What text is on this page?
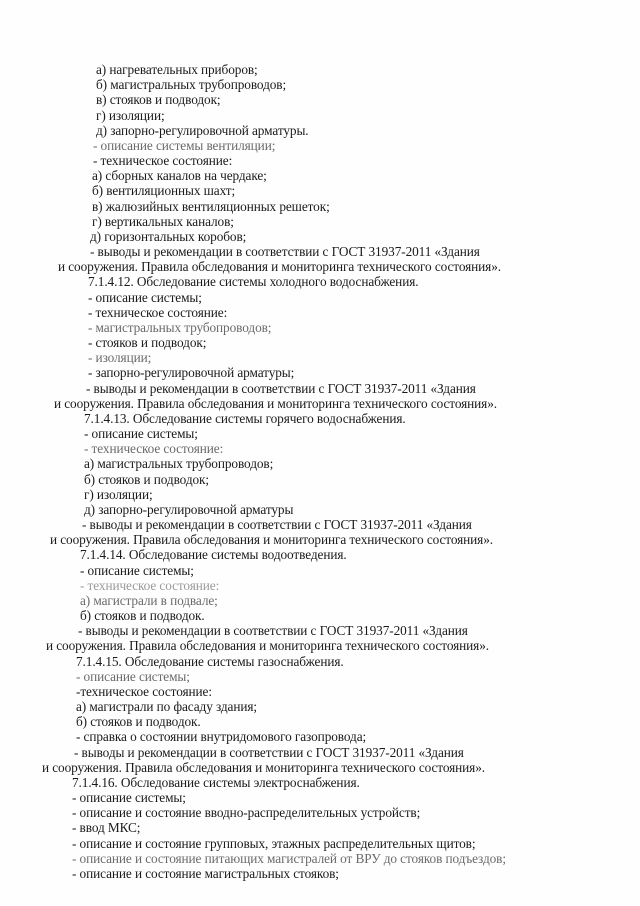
а) нагревательных приборов;
б) магистральных трубопроводов;
в) стояков и подводок;
г) изоляции;
д) запорно-регулировочной арматуры.
- описание системы вентиляции;
- техническое состояние:
а) сборных каналов на чердаке;
б) вентиляционных шахт;
в) жалюзийных вентиляционных решеток;
г) вертикальных каналов;
д) горизонтальных коробов;
- выводы и рекомендации в соответствии с ГОСТ 31937-2011 «Здания
и сооружения. Правила обследования и мониторинга технического состояния».
7.1.4.12. Обследование системы холодного водоснабжения.
- описание системы;
- техническое состояние:
- магистральных трубопроводов;
- стояков и подводок;
- изоляции;
- запорно-регулировочной арматуры;
- выводы и рекомендации в соответствии с ГОСТ 31937-2011 «Здания
и сооружения. Правила обследования и мониторинга технического состояния».
7.1.4.13. Обследование системы горячего водоснабжения.
- описание системы;
- техническое состояние:
а) магистральных трубопроводов;
б) стояков и подводок;
г) изоляции;
д) запорно-регулировочной арматуры
- выводы и рекомендации в соответствии с ГОСТ 31937-2011 «Здания
и сооружения. Правила обследования и мониторинга технического состояния».
7.1.4.14. Обследование системы водоотведения.
- описание системы;
- техническое состояние:
а) магистрали в подвале;
б) стояков и подводок.
- выводы и рекомендации в соответствии с ГОСТ 31937-2011 «Здания
и сооружения. Правила обследования и мониторинга технического состояния».
7.1.4.15. Обследование системы газоснабжения.
- описание системы;
-техническое состояние:
а) магистрали по фасаду здания;
б) стояков и подводок.
- справка о состоянии внутридомового газопровода;
- выводы и рекомендации в соответствии с ГОСТ 31937-2011 «Здания
и сооружения. Правила обследования и мониторинга технического состояния».
7.1.4.16. Обследование системы электроснабжения.
- описание системы;
- описание и состояние вводно-распределительных устройств;
- ввод МКС;
- описание и состояние групповых, этажных распределительных щитов;
- описание и состояние питающих магистралей от ВРУ до стояков подъездов;
- описание и состояние магистральных стояков;
